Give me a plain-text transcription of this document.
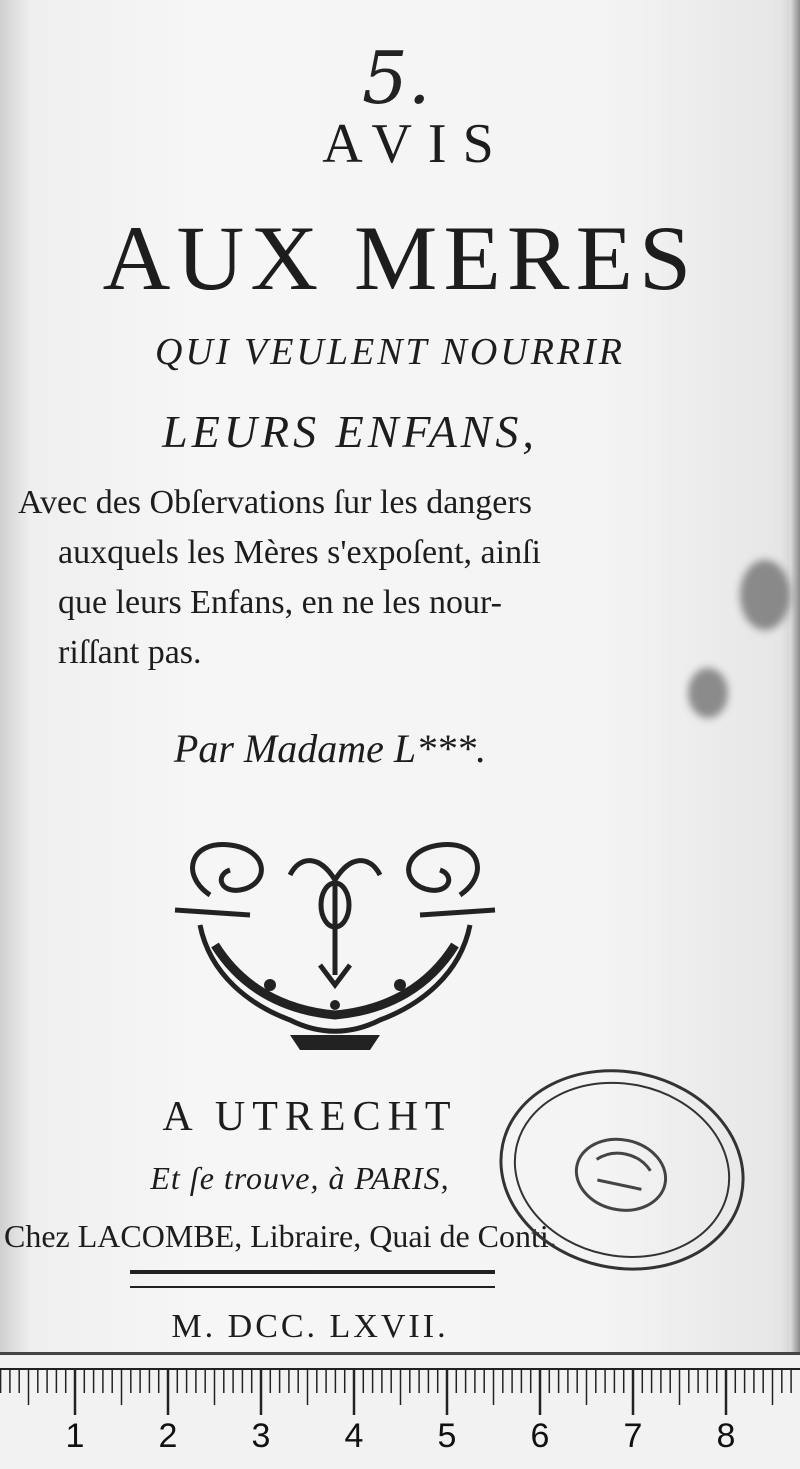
5.
AVIS
AUX MERES
QUI VEULENT NOURRIR
LEURS ENFANS,
Avec des Obſervations ſur les dangers
auxquels les Mères s'expoſent, ainſi
que leurs Enfans, en ne les nour-
riſſant pas.
Par Madame L***.
A UTRECHT
Et ſe trouve, à PARIS,
Chez LACOMBE, Libraire, Quai de Conti.
M. DCC. LXVII.
1	2	3	4	5	6	7	8
